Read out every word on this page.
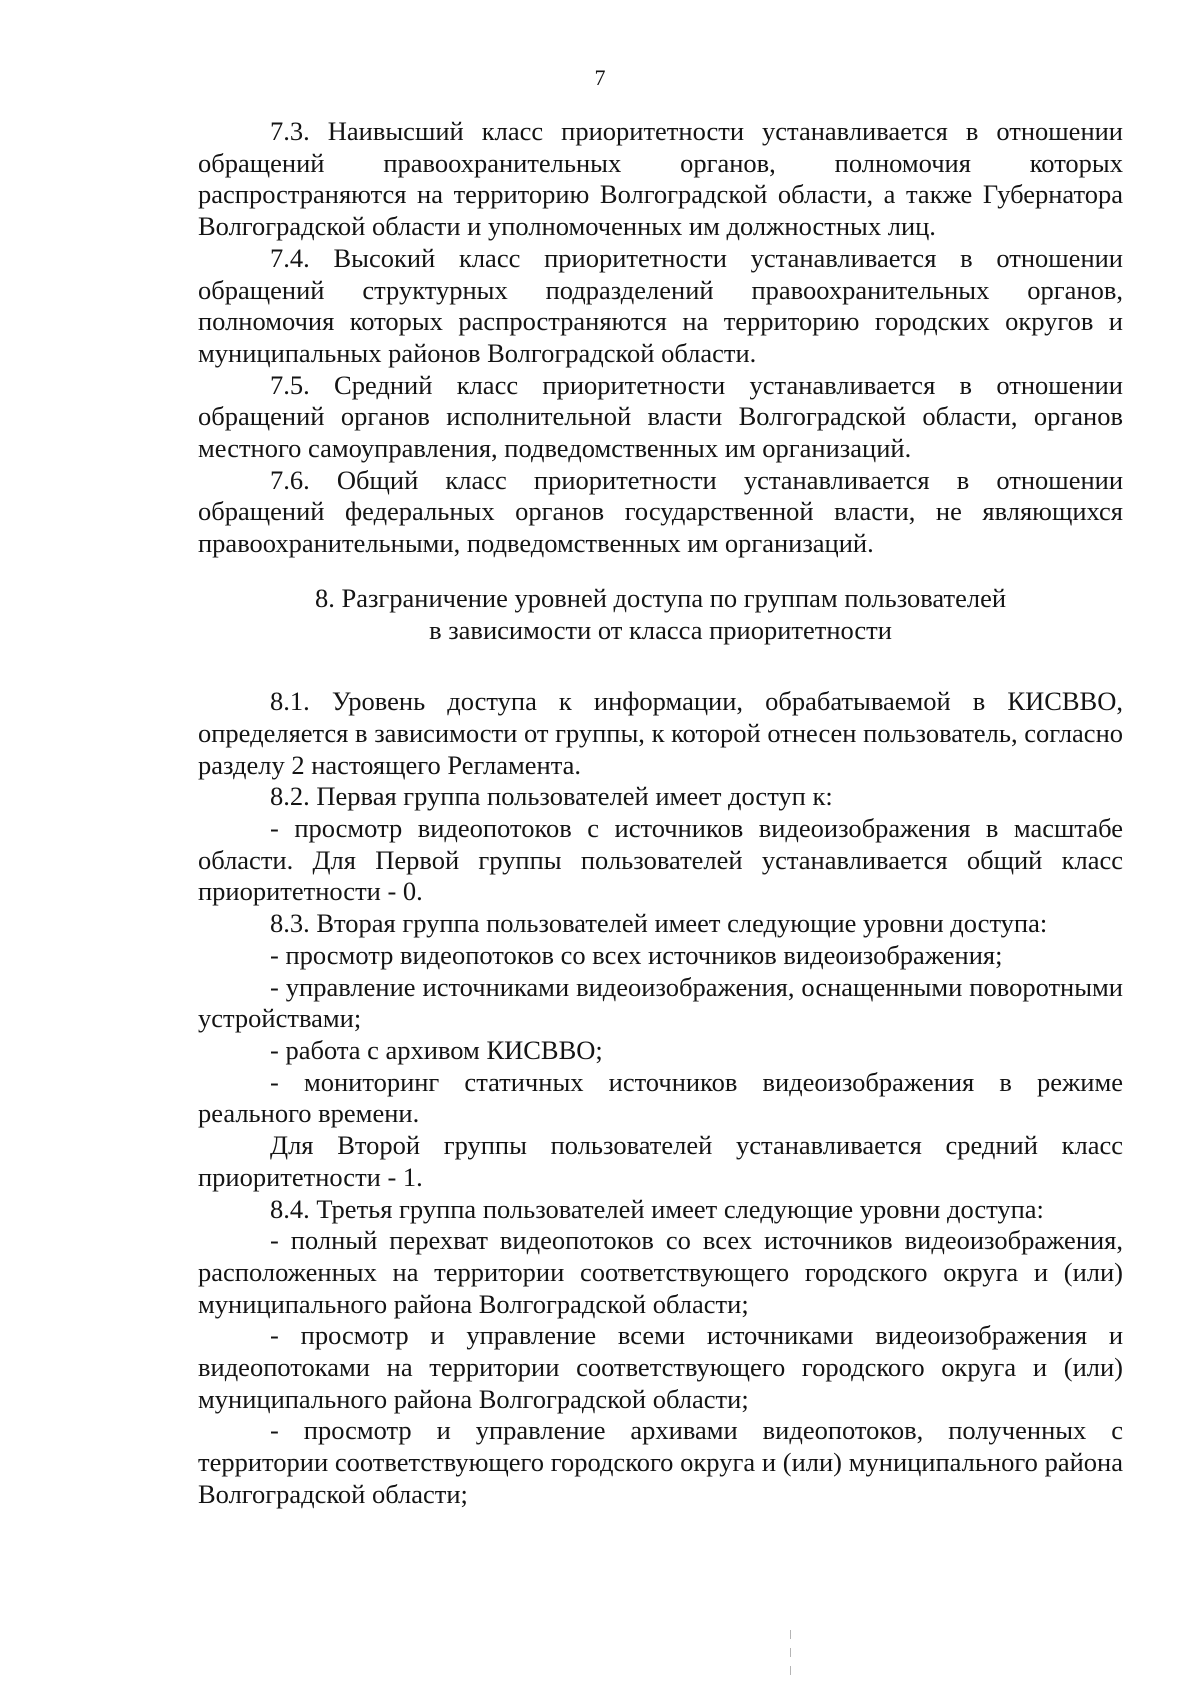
7

7.3. Наивысший класс приоритетности устанавливается в отношении обращений правоохранительных органов, полномочия которых распространяются на территорию Волгоградской области, а также Губернатора Волгоградской области и уполномоченных им должностных лиц.

7.4. Высокий класс приоритетности устанавливается в отношении обращений структурных подразделений правоохранительных органов, полномочия которых распространяются на территорию городских округов и муниципальных районов Волгоградской области.

7.5. Средний класс приоритетности устанавливается в отношении обращений органов исполнительной власти Волгоградской области, органов местного самоуправления, подведомственных им организаций.

7.6. Общий класс приоритетности устанавливается в отношении обращений федеральных органов государственной власти, не являющихся правоохранительными, подведомственных им организаций.

8. Разграничение уровней доступа по группам пользователей
в зависимости от класса приоритетности

8.1. Уровень доступа к информации, обрабатываемой в КИСВВО, определяется в зависимости от группы, к которой отнесен пользователь, согласно разделу 2 настоящего Регламента.

8.2. Первая группа пользователей имеет доступ к:

- просмотр видеопотоков с источников видеоизображения в масштабе области. Для Первой группы пользователей устанавливается общий класс приоритетности - 0.

8.3. Вторая группа пользователей имеет следующие уровни доступа:

- просмотр видеопотоков со всех источников видеоизображения;

- управление источниками видеоизображения, оснащенными поворотными устройствами;

- работа с архивом КИСВВО;

- мониторинг статичных источников видеоизображения в режиме реального времени.

Для Второй группы пользователей устанавливается средний класс приоритетности - 1.

8.4. Третья группа пользователей имеет следующие уровни доступа:

- полный перехват видеопотоков со всех источников видеоизображения, расположенных на территории соответствующего городского округа и (или) муниципального района Волгоградской области;

- просмотр и управление всеми источниками видеоизображения и видеопотоками на территории соответствующего городского округа и (или) муниципального района Волгоградской области;

- просмотр и управление архивами видеопотоков, полученных с территории соответствующего городского округа и (или) муниципального района Волгоградской области;
